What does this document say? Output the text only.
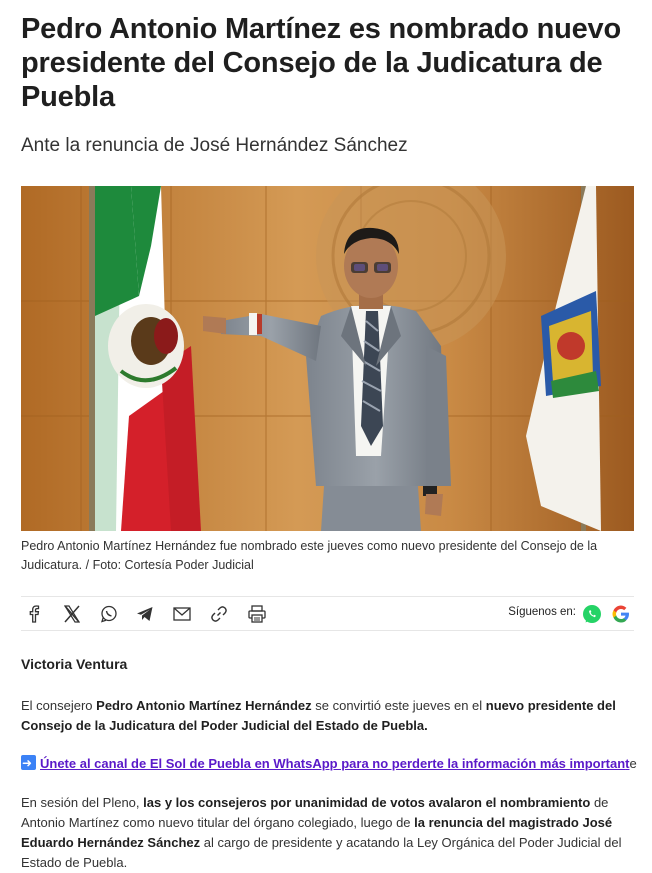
Pedro Antonio Martínez es nombrado nuevo presidente del Consejo de la Judicatura de Puebla
Ante la renuncia de José Hernández Sánchez
Pedro Antonio Martínez Hernández fue nombrado este jueves como nuevo presidente del Consejo de la Judicatura. / Foto: Cortesía Poder Judicial
Síguenos en:
Victoria Ventura

El consejero Pedro Antonio Martínez Hernández se convirtió este jueves en el nuevo presidente del Consejo de la Judicatura del Poder Judicial del Estado de Puebla.

➜Únete al canal de El Sol de Puebla en WhatsApp para no perderte la información más importante

En sesión del Pleno, las y los consejeros por unanimidad de votos avalaron el nombramiento de Antonio Martínez como nuevo titular del órgano colegiado, luego de la renuncia del magistrado José Eduardo Hernández Sánchez al cargo de presidente y acatando la Ley Orgánica del Poder Judicial del Estado de Puebla.
